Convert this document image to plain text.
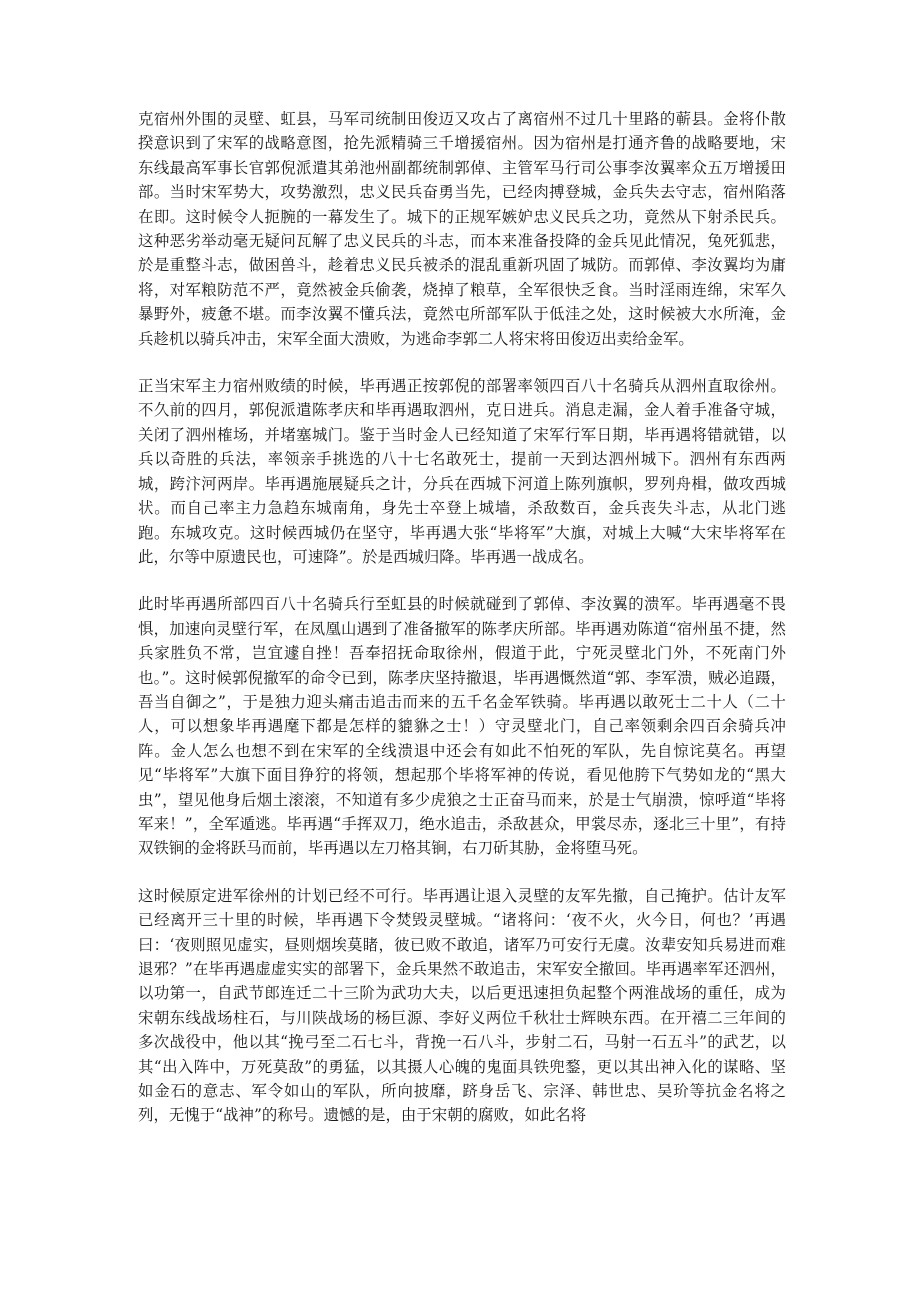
克宿州外围的灵壁、虹县，马军司统制田俊迈又攻占了离宿州不过几十里路的蕲县。金将仆散揆意识到了宋军的战略意图，抢先派精骑三千增援宿州。因为宿州是打通齐鲁的战略要地，宋东线最高军事长官郭倪派遣其弟池州副都统制郭倬、主管军马行司公事李汝翼率众五万增援田部。当时宋军势大，攻势激烈，忠义民兵奋勇当先，已经肉搏登城，金兵失去守志，宿州陷落在即。这时候令人扼腕的一幕发生了。城下的正规军嫉妒忠义民兵之功，竟然从下射杀民兵。这种恶劣举动毫无疑问瓦解了忠义民兵的斗志，而本来准备投降的金兵见此情况，兔死狐悲，於是重整斗志，做困兽斗，趁着忠义民兵被杀的混乱重新巩固了城防。而郭倬、李汝翼均为庸将，对军粮防范不严，竟然被金兵偷袭，烧掉了粮草，全军很快乏食。当时淫雨连绵，宋军久暴野外，疲惫不堪。而李汝翼不懂兵法，竟然屯所部军队于低洼之处，这时候被大水所淹，金兵趁机以骑兵冲击，宋军全面大溃败，为逃命李郭二人将宋将田俊迈出卖给金军。

正当宋军主力宿州败绩的时候，毕再遇正按郭倪的部署率领四百八十名骑兵从泗州直取徐州。不久前的四月，郭倪派遣陈孝庆和毕再遇取泗州，克日进兵。消息走漏，金人着手准备守城，关闭了泗州榷场，并堵塞城门。鉴于当时金人已经知道了宋军行军日期，毕再遇将错就错，以兵以奇胜的兵法，率领亲手挑选的八十七名敢死士，提前一天到达泗州城下。泗州有东西两城，跨汴河两岸。毕再遇施展疑兵之计，分兵在西城下河道上陈列旗帜，罗列舟楫，做攻西城状。而自己率主力急趋东城南角，身先士卒登上城墙，杀敌数百，金兵丧失斗志，从北门逃跑。东城攻克。这时候西城仍在坚守，毕再遇大张“毕将军”大旗，对城上大喊“大宋毕将军在此，尔等中原遗民也，可速降”。於是西城归降。毕再遇一战成名。

此时毕再遇所部四百八十名骑兵行至虹县的时候就碰到了郭倬、李汝翼的溃军。毕再遇毫不畏惧，加速向灵壁行军，在凤凰山遇到了准备撤军的陈孝庆所部。毕再遇劝陈道“宿州虽不捷，然兵家胜负不常，岂宜遽自挫！吾奉招抚命取徐州，假道于此，宁死灵壁北门外，不死南门外也。”。这时候郭倪撤军的命令已到，陈孝庆坚持撤退，毕再遇慨然道“郭、李军溃，贼必追蹑，吾当自御之”，于是独力迎头痛击追击而来的五千名金军铁骑。毕再遇以敢死士二十人（二十人，可以想象毕再遇麾下都是怎样的貔貅之士！）守灵壁北门，自己率领剩余四百余骑兵冲阵。金人怎么也想不到在宋军的全线溃退中还会有如此不怕死的军队，先自惊诧莫名。再望见“毕将军”大旗下面目狰狞的将领，想起那个毕将军神的传说，看见他胯下气势如龙的“黑大虫”，望见他身后烟土滚滚，不知道有多少虎狼之士正奋马而来，於是士气崩溃，惊呼道“毕将军来！”，全军遁逃。毕再遇“手挥双刀，绝水追击，杀敌甚众，甲裳尽赤，逐北三十里”，有持双铁锏的金将跃马而前，毕再遇以左刀格其锏，右刀斫其胁，金将堕马死。

这时候原定进军徐州的计划已经不可行。毕再遇让退入灵壁的友军先撤，自己掩护。估计友军已经离开三十里的时候，毕再遇下令焚毁灵壁城。“诸将问：‘夜不火，火今日，何也？’再遇曰：‘夜则照见虚实，昼则烟埃莫睹，彼已败不敢追，诸军乃可安行无虞。汝辈安知兵易进而难退邪？”在毕再遇虚虚实实的部署下，金兵果然不敢追击，宋军安全撤回。毕再遇率军还泗州，以功第一，自武节郎连迁二十三阶为武功大夫，以后更迅速担负起整个两淮战场的重任，成为宋朝东线战场柱石，与川陕战场的杨巨源、李好义两位千秋壮士辉映东西。在开禧二三年间的多次战役中，他以其“挽弓至二石七斗，背挽一石八斗，步射二石，马射一石五斗”的武艺，以其“出入阵中，万死莫敌”的勇猛，以其摄人心魄的鬼面具铁兜鍪，更以其出神入化的谋略、坚如金石的意志、军令如山的军队，所向披靡，跻身岳飞、宗泽、韩世忠、吴玠等抗金名将之列，无愧于“战神”的称号。遗憾的是，由于宋朝的腐败，如此名将
